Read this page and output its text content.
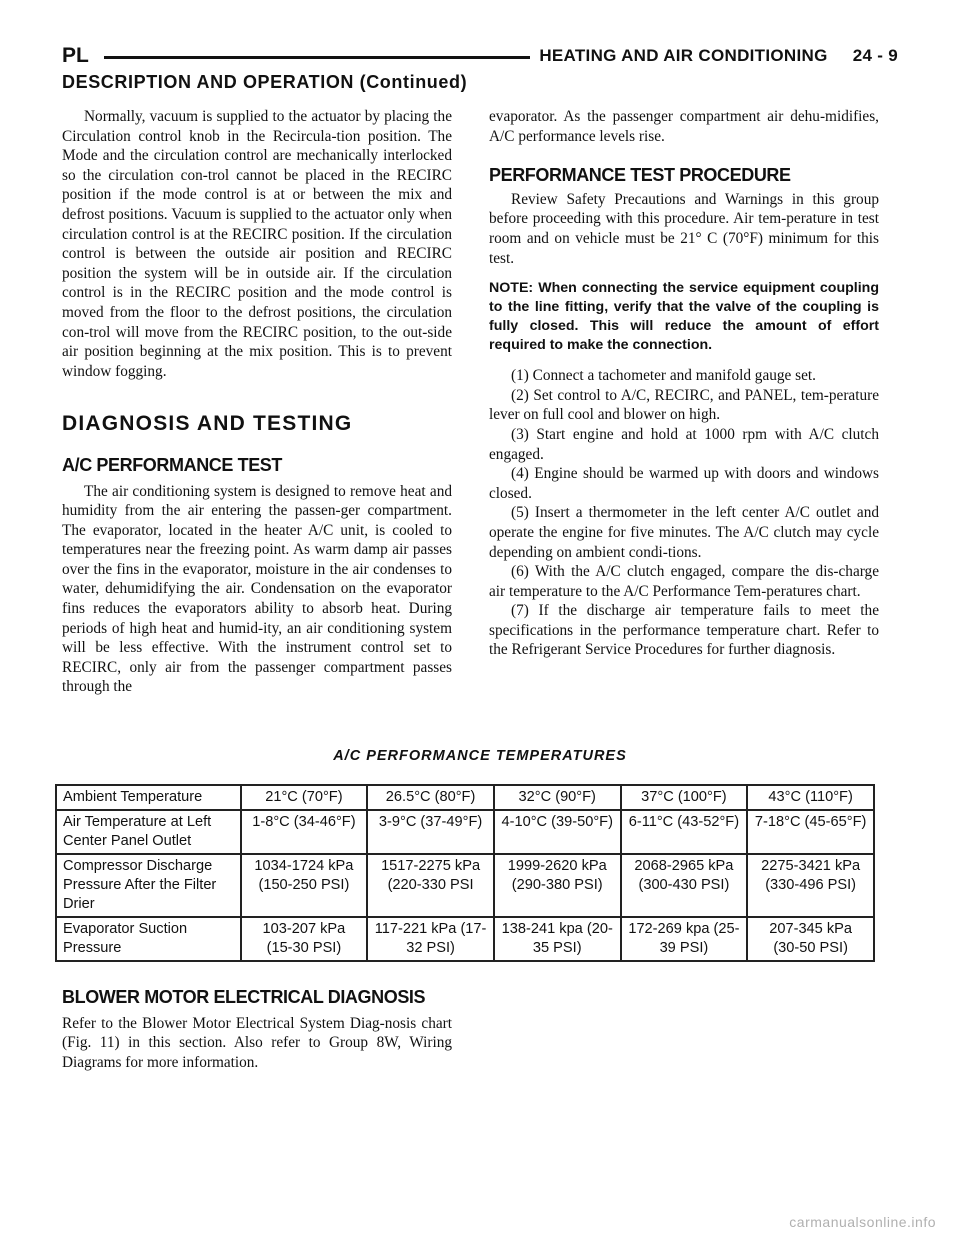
PL	HEATING AND AIR CONDITIONING     24 - 9
DESCRIPTION AND OPERATION (Continued)

Normally, vacuum is supplied to the actuator by placing the Circulation control knob in the Recircula-tion position. The Mode and the circulation control are mechanically interlocked so the circulation con-trol cannot be placed in the RECIRC position if the mode control is at or between the mix and defrost positions. Vacuum is supplied to the actuator only when circulation control is at the RECIRC position. If the circulation control is between the outside air position and RECIRC position the system will be in outside air. If the circulation control is in the RECIRC position and the mode control is moved from the floor to the defrost positions, the circulation con-trol will move from the RECIRC position, to the out-side air position beginning at the mix position. This is to prevent window fogging.

DIAGNOSIS AND TESTING
A/C PERFORMANCE TEST

The air conditioning system is designed to remove heat and humidity from the air entering the passen-ger compartment. The evaporator, located in the heater A/C unit, is cooled to temperatures near the freezing point. As warm damp air passes over the fins in the evaporator, moisture in the air condenses to water, dehumidifying the air. Condensation on the evaporator fins reduces the evaporators ability to absorb heat. During periods of high heat and humid-ity, an air conditioning system will be less effective. With the instrument control set to RECIRC, only air from the passenger compartment passes through the

evaporator. As the passenger compartment air dehu-midifies, A/C performance levels rise.

PERFORMANCE TEST PROCEDURE

Review Safety Precautions and Warnings in this group before proceeding with this procedure. Air tem-perature in test room and on vehicle must be 21° C (70°F) minimum for this test.

NOTE: When connecting the service equipment coupling to the line fitting, verify that the valve of the coupling is fully closed. This will reduce the amount of effort required to make the connection.

(1) Connect a tachometer and manifold gauge set.

(2) Set control to A/C, RECIRC, and PANEL, tem-perature lever on full cool and blower on high.

(3) Start engine and hold at 1000 rpm with A/C clutch engaged.

(4) Engine should be warmed up with doors and windows closed.

(5) Insert a thermometer in the left center A/C outlet and operate the engine for five minutes. The A/C clutch may cycle depending on ambient condi-tions.

(6) With the A/C clutch engaged, compare the dis-charge air temperature to the A/C Performance Tem-peratures chart.

(7) If the discharge air temperature fails to meet the specifications in the performance temperature chart. Refer to the Refrigerant Service Procedures for further diagnosis.

A/C PERFORMANCE TEMPERATURES
Ambient Temperature	21°C (70°F)	26.5°C (80°F)	32°C (90°F)	37°C (100°F)	43°C (110°F)
Air Temperature at Left Center Panel Outlet	1-8°C (34-46°F)	3-9°C (37-49°F)	4-10°C (39-50°F)	6-11°C (43-52°F)	7-18°C (45-65°F)
Compressor Discharge Pressure After the Filter Drier	1034-1724 kPa (150-250 PSI)	1517-2275 kPa (220-330 PSI	1999-2620 kPa (290-380 PSI)	2068-2965 kPa (300-430 PSI)	2275-3421 kPa (330-496 PSI)
Evaporator Suction Pressure	103-207 kPa (15-30 PSI)	117-221 kPa (17-32 PSI)	138-241 kpa (20-35 PSI)	172-269 kpa (25-39 PSI)	207-345 kPa (30-50 PSI)
BLOWER MOTOR ELECTRICAL DIAGNOSIS

Refer to the Blower Motor Electrical System Diag-nosis chart (Fig. 11) in this section. Also refer to Group 8W, Wiring Diagrams for more information.

carmanualsonline.info
